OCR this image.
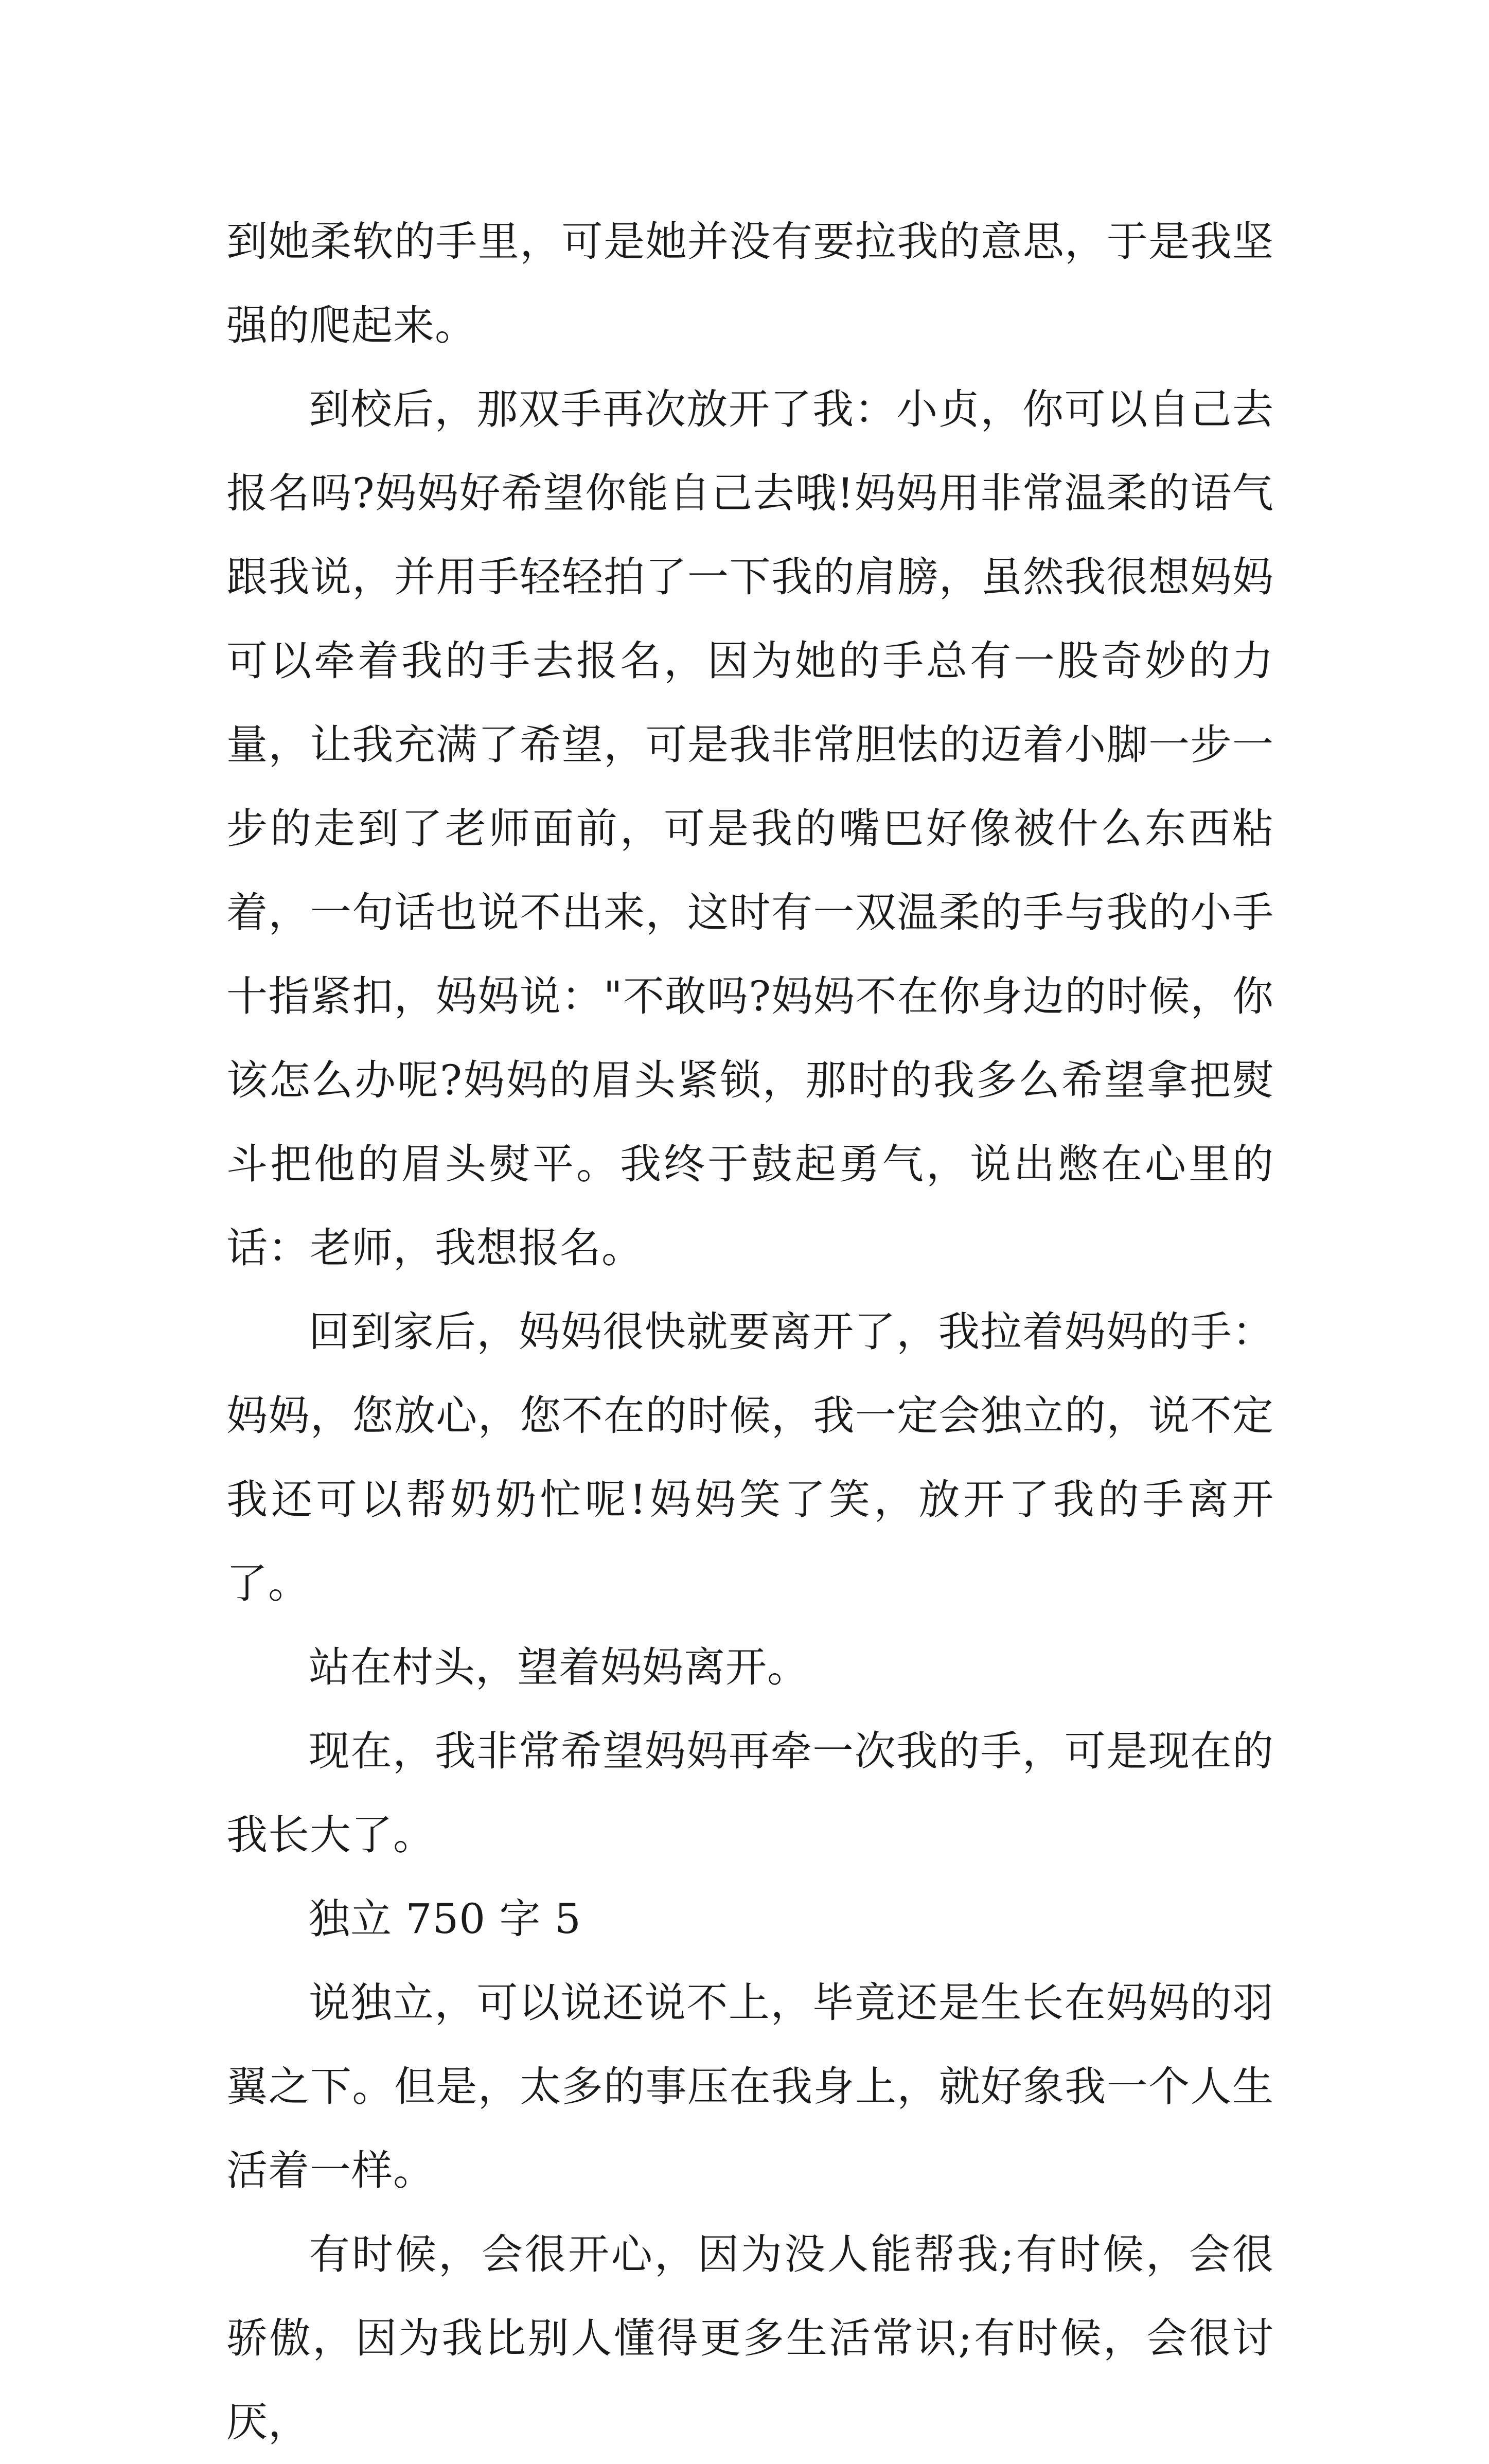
到她柔软的手里，可是她并没有要拉我的意思，于是我坚强的爬起来。

到校后，那双手再次放开了我：小贞，你可以自己去报名吗?妈妈好希望你能自己去哦!妈妈用非常温柔的语气跟我说，并用手轻轻拍了一下我的肩膀，虽然我很想妈妈可以牵着我的手去报名，因为她的手总有一股奇妙的力量，让我充满了希望，可是我非常胆怯的迈着小脚一步一步的走到了老师面前，可是我的嘴巴好像被什么东西粘着，一句话也说不出来，这时有一双温柔的手与我的小手十指紧扣，妈妈说："不敢吗?妈妈不在你身边的时候，你该怎么办呢?妈妈的眉头紧锁，那时的我多么希望拿把熨斗把他的眉头熨平。我终于鼓起勇气，说出憋在心里的话：老师，我想报名。

回到家后，妈妈很快就要离开了，我拉着妈妈的手：妈妈，您放心，您不在的时候，我一定会独立的，说不定我还可以帮奶奶忙呢!妈妈笑了笑，放开了我的手离开了。

站在村头，望着妈妈离开。

现在，我非常希望妈妈再牵一次我的手，可是现在的我长大了。

独立 750 字 5

说独立，可以说还说不上，毕竟还是生长在妈妈的羽翼之下。但是，太多的事压在我身上，就好象我一个人生活着一样。

有时候，会很开心，因为没人能帮我;有时候，会很骄傲，因为我比别人懂得更多生活常识;有时候，会很讨厌，
